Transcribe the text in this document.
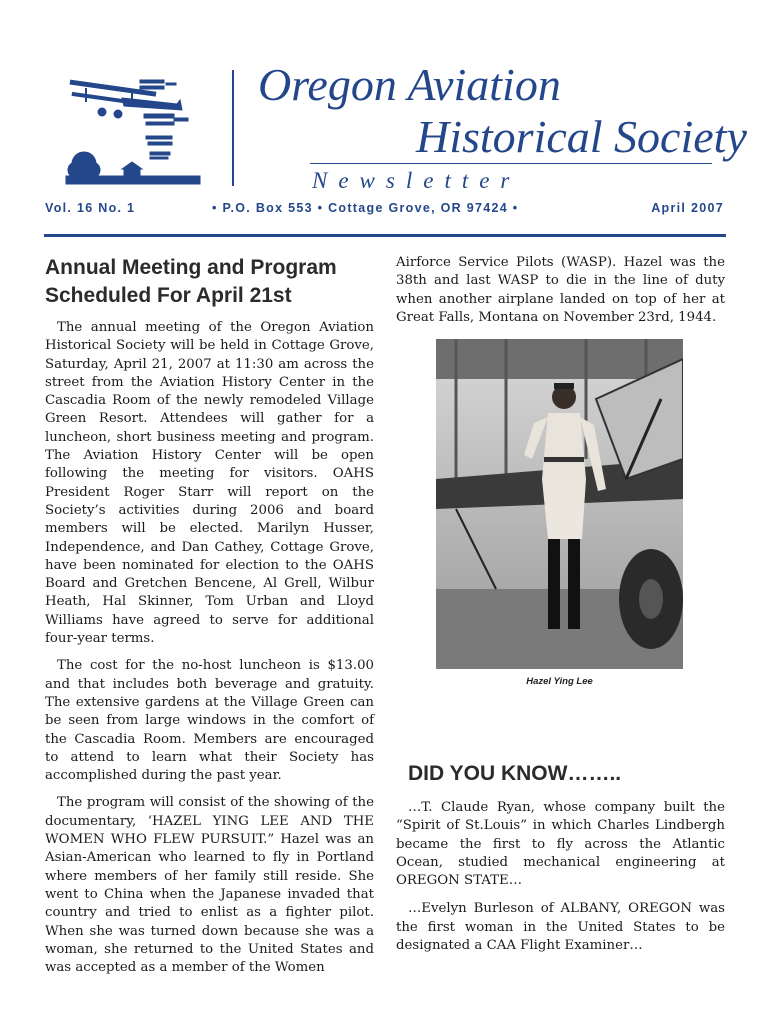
Oregon Aviation
Historical Society
Newsletter
Vol. 16 No. 1	• P.O. Box 553 • Cottage Grove, OR 97424 •	April 2007
Annual Meeting and Program Scheduled For April 21st

The annual meeting of the Oregon Aviation Historical Society will be held in Cottage Grove, Saturday, April 21, 2007 at 11:30 am across the street from the Aviation History Center in the Cascadia Room of the newly remodeled Village Green Resort. Attendees will gather for a luncheon, short business meeting and program. The Aviation History Center will be open following the meeting for visitors. OAHS President Roger Starr will report on the Society’s activities during 2006 and board members will be elected. Marilyn Husser, Independence, and Dan Cathey, Cottage Grove, have been nominated for election to the OAHS Board and Gretchen Bencene, Al Grell, Wilbur Heath, Hal Skinner, Tom Urban and Lloyd Williams have agreed to serve for additional four-year terms.

The cost for the no-host luncheon is $13.00 and that includes both beverage and gratuity. The extensive gardens at the Village Green can be seen from large windows in the comfort of the Cascadia Room. Members are encouraged to attend to learn what their Society has accomplished during the past year.

The program will consist of the showing of the documentary, ‘HAZEL YING LEE AND THE WOMEN WHO FLEW PURSUIT.” Hazel was an Asian-American who learned to fly in Portland where members of her family still reside. She went to China when the Japanese invaded that country and tried to enlist as a fighter pilot. When she was turned down because she was a woman, she returned to the United States and was accepted as a member of the Women

Airforce Service Pilots (WASP). Hazel was the 38th and last WASP to die in the line of duty when another airplane landed on top of her at Great Falls, Montana on November 23rd, 1944.

Hazel Ying Lee
DID YOU KNOW……..

…T. Claude Ryan, whose company built the “Spirit of St.Louis” in which Charles Lindbergh became the first to fly across the Atlantic Ocean, studied mechanical engineering at OREGON STATE…

…Evelyn Burleson of ALBANY, OREGON was the first woman in the United States to be designated a CAA Flight Examiner…
